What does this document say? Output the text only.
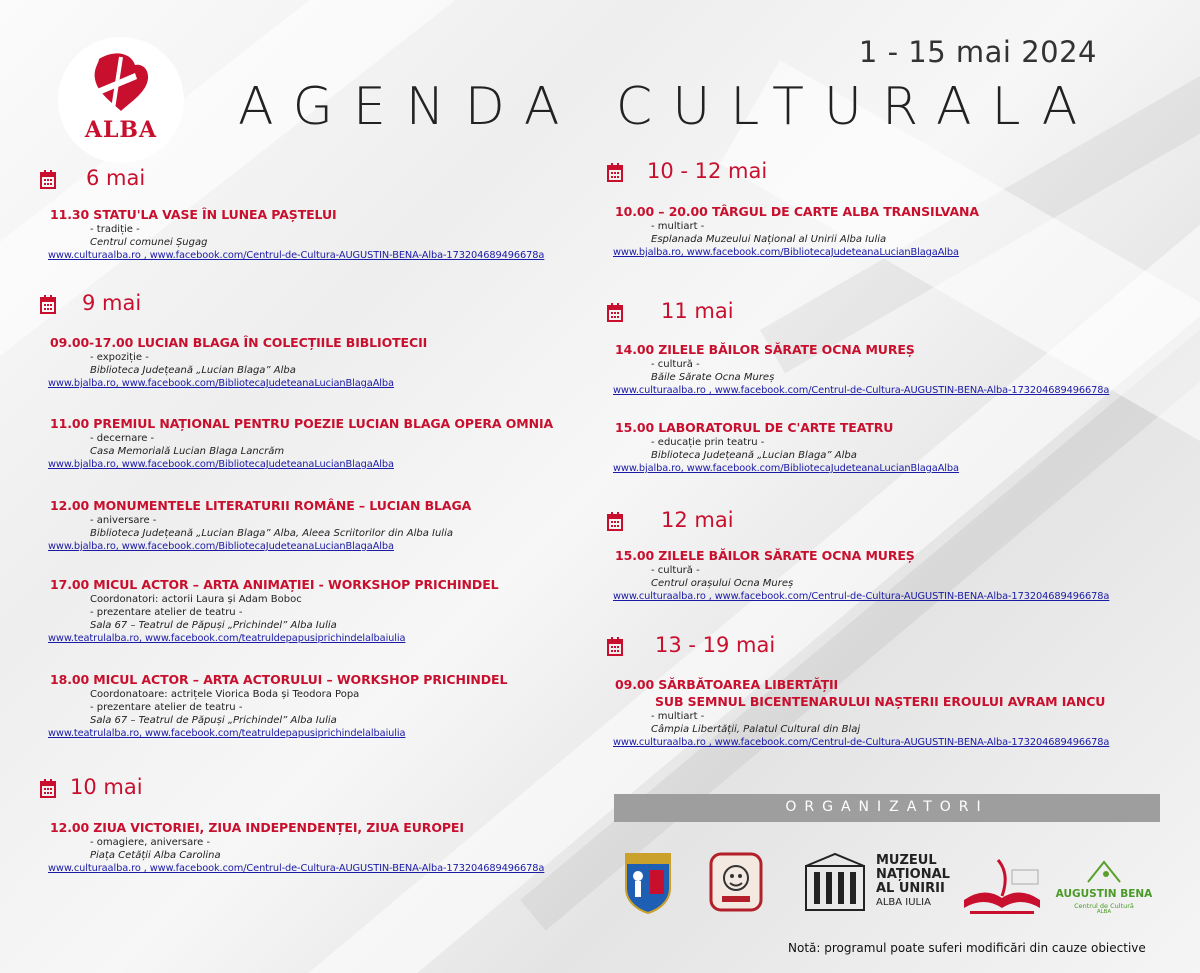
ALBA
1 - 15 mai 2024
AGENDA CULTURALA
6 mai
11.30 STATU'LA VASE ÎN LUNEA PAȘTELUI
- tradiție -
Centrul comunei Șugag
www.culturaalba.ro , www.facebook.com/Centrul-de-Cultura-AUGUSTIN-BENA-Alba-173204689496678a
9 mai
09.00-17.00 LUCIAN BLAGA ÎN COLECȚIILE BIBLIOTECII
- expoziție -
Biblioteca Județeană „Lucian Blaga” Alba
www.bjalba.ro, www.facebook.com/BibliotecaJudeteanaLucianBlagaAlba
11.00 PREMIUL NAȚIONAL PENTRU POEZIE LUCIAN BLAGA OPERA OMNIA
- decernare -
Casa Memorială Lucian Blaga Lancrăm
www.bjalba.ro, www.facebook.com/BibliotecaJudeteanaLucianBlagaAlba
12.00 MONUMENTELE LITERATURII ROMÂNE – LUCIAN BLAGA
- aniversare -
Biblioteca Județeană „Lucian Blaga” Alba, Aleea Scriitorilor din Alba Iulia
www.bjalba.ro, www.facebook.com/BibliotecaJudeteanaLucianBlagaAlba
17.00 MICUL ACTOR – ARTA ANIMAȚIEI - WORKSHOP PRICHINDEL
Coordonatori: actorii Laura și Adam Boboc
- prezentare atelier de teatru -
Sala 67 – Teatrul de Păpuși „Prichindel” Alba Iulia
www.teatrulalba.ro, www.facebook.com/teatruldepapusiprichindelalbaiulia
18.00 MICUL ACTOR – ARTA ACTORULUI – WORKSHOP PRICHINDEL
Coordonatoare: actrițele Viorica Boda și Teodora Popa
- prezentare atelier de teatru -
Sala 67 – Teatrul de Păpuși „Prichindel” Alba Iulia
www.teatrulalba.ro, www.facebook.com/teatruldepapusiprichindelalbaiulia
10 mai
12.00 ZIUA VICTORIEI, ZIUA INDEPENDENȚEI, ZIUA EUROPEI
- omagiere, aniversare -
Piața Cetății Alba Carolina
www.culturaalba.ro , www.facebook.com/Centrul-de-Cultura-AUGUSTIN-BENA-Alba-173204689496678a
10 - 12 mai
10.00 – 20.00 TÂRGUL DE CARTE ALBA TRANSILVANA
- multiart -
Esplanada Muzeului Național al Unirii Alba Iulia
www.bjalba.ro, www.facebook.com/BibliotecaJudeteanaLucianBlagaAlba
11 mai
14.00 ZILELE BĂILOR SĂRATE OCNA MUREȘ
- cultură -
Băile Sărate Ocna Mureș
www.culturaalba.ro , www.facebook.com/Centrul-de-Cultura-AUGUSTIN-BENA-Alba-173204689496678a
15.00 LABORATORUL DE C'ARTE TEATRU
- educație prin teatru -
Biblioteca Județeană „Lucian Blaga” Alba
www.bjalba.ro, www.facebook.com/BibliotecaJudeteanaLucianBlagaAlba
12 mai
15.00 ZILELE BĂILOR SĂRATE OCNA MUREȘ
- cultură -
Centrul orașului Ocna Mureș
www.culturaalba.ro , www.facebook.com/Centrul-de-Cultura-AUGUSTIN-BENA-Alba-173204689496678a
13 - 19 mai
09.00 SĂRBĂTOAREA LIBERTĂȚII
SUB SEMNUL BICENTENARULUI NAȘTERII EROULUI AVRAM IANCU
- multiart -
Câmpia Libertății, Palatul Cultural din Blaj
www.culturaalba.ro , www.facebook.com/Centrul-de-Cultura-AUGUSTIN-BENA-Alba-173204689496678a
ORGANIZATORI
MUZEUL
NAȚIONAL
AL UNIRII
ALBA IULIA
AUGUSTIN BENA
Centrul de Cultură
ALBA
Notă: programul poate suferi modificări din cauze obiective
